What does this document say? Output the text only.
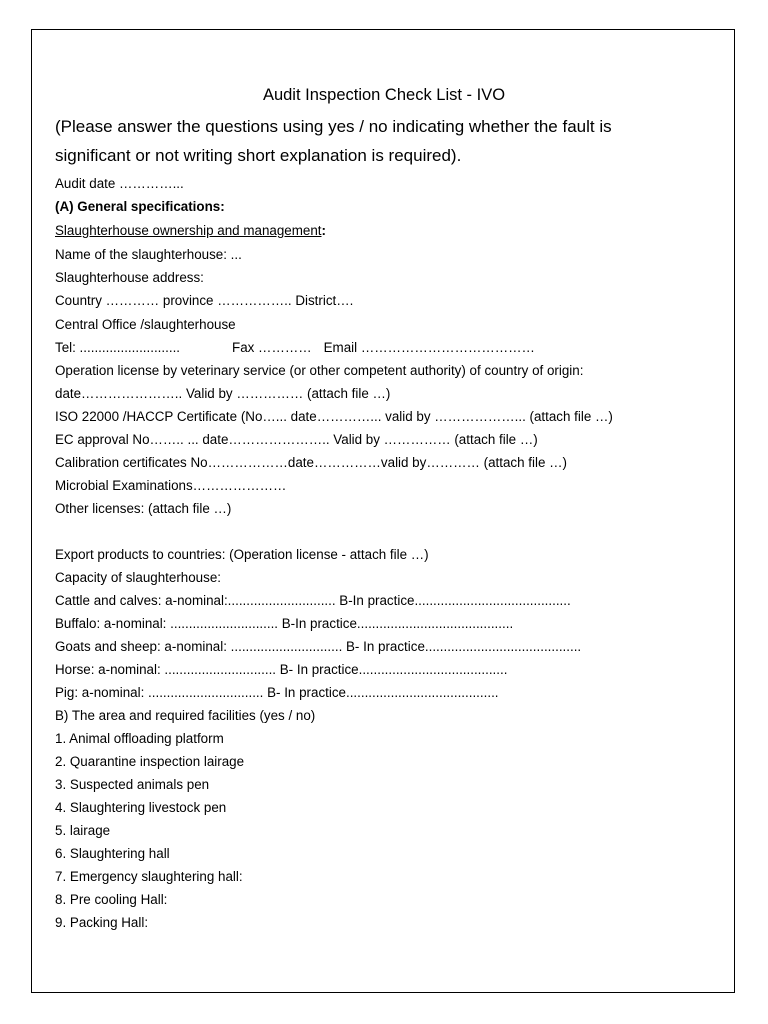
Audit Inspection Check List - IVO
(Please answer the questions using yes / no indicating whether the fault is
significant or not writing short explanation is required).
Audit date …………...
(A) General specifications:
Slaughterhouse ownership and management:
Name of the slaughterhouse: ...
Slaughterhouse address:
Country ………… province …………….. District….
Central Office /slaughterhouse
Tel: ...........................	Fax ………… Email …………………………………
Operation license by veterinary service (or other competent authority) of country of origin:
date………………….. Valid by …………… (attach file …)
ISO 22000 /HACCP Certificate (No…... date…………... valid by ………………... (attach file …)
EC approval No…….. ... date………………….. Valid by …………… (attach file …)
Calibration certificates No………………date……………valid by………… (attach file …)
Microbial Examinations…………………
Other licenses: (attach file …)
Export products to countries: (Operation license - attach file …)
Capacity of slaughterhouse:
Cattle and calves: a-nominal:............................. B-In practice..........................................
Buffalo: a-nominal: ............................. B-In practice..........................................
Goats and sheep: a-nominal: .............................. B- In practice..........................................
Horse: a-nominal: .............................. B- In practice........................................
Pig: a-nominal: ............................... B- In practice.........................................
B) The area and required facilities (yes / no)
1. Animal offloading platform
2. Quarantine inspection lairage
3. Suspected animals pen
4. Slaughtering livestock pen
5. lairage
6. Slaughtering hall
7. Emergency slaughtering hall:
8. Pre cooling Hall:
9. Packing Hall:
